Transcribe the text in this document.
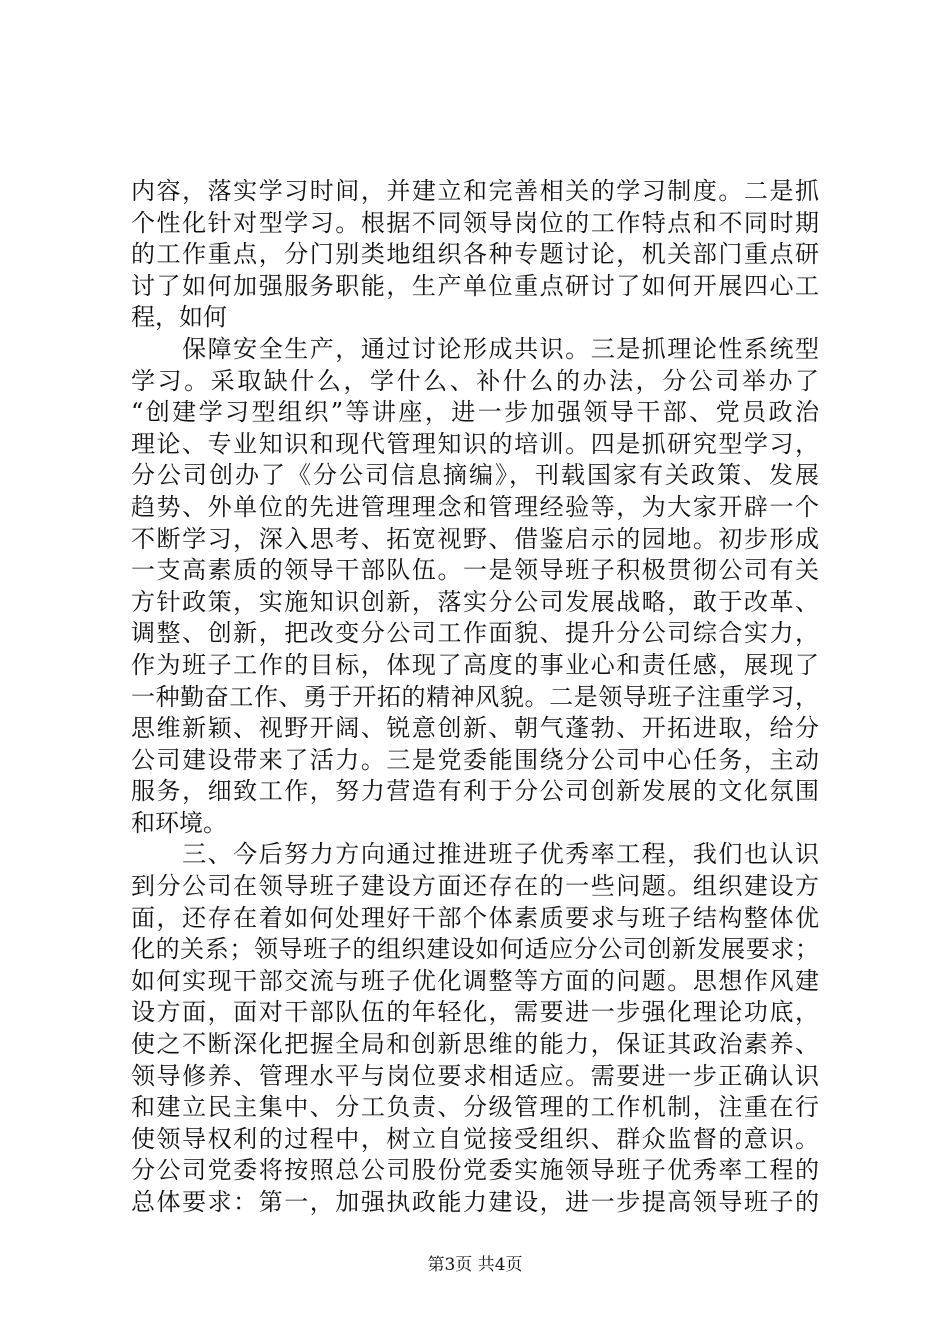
内容，落实学习时间，并建立和完善相关的学习制度。二是抓
个性化针对型学习。根据不同领导岗位的工作特点和不同时期
的工作重点，分门别类地组织各种专题讨论，机关部门重点研
讨了如何加强服务职能，生产单位重点研讨了如何开展四心工
程，如何
　　保障安全生产，通过讨论形成共识。三是抓理论性系统型
学习。采取缺什么，学什么、补什么的办法，分公司举办了
“创建学习型组织”等讲座，进一步加强领导干部、党员政治
理论、专业知识和现代管理知识的培训。四是抓研究型学习，
分公司创办了《分公司信息摘编》，刊载国家有关政策、发展
趋势、外单位的先进管理理念和管理经验等，为大家开辟一个
不断学习，深入思考、拓宽视野、借鉴启示的园地。初步形成
一支高素质的领导干部队伍。一是领导班子积极贯彻公司有关
方针政策，实施知识创新，落实分公司发展战略，敢于改革、
调整、创新，把改变分公司工作面貌、提升分公司综合实力，
作为班子工作的目标，体现了高度的事业心和责任感，展现了
一种勤奋工作、勇于开拓的精神风貌。二是领导班子注重学习，
思维新颖、视野开阔、锐意创新、朝气蓬勃、开拓进取，给分
公司建设带来了活力。三是党委能围绕分公司中心任务，主动
服务，细致工作，努力营造有利于分公司创新发展的文化氛围
和环境。
　　三、今后努力方向通过推进班子优秀率工程，我们也认识
到分公司在领导班子建设方面还存在的一些问题。组织建设方
面，还存在着如何处理好干部个体素质要求与班子结构整体优
化的关系；领导班子的组织建设如何适应分公司创新发展要求；
如何实现干部交流与班子优化调整等方面的问题。思想作风建
设方面，面对干部队伍的年轻化，需要进一步强化理论功底，
使之不断深化把握全局和创新思维的能力，保证其政治素养、
领导修养、管理水平与岗位要求相适应。需要进一步正确认识
和建立民主集中、分工负责、分级管理的工作机制，注重在行
使领导权利的过程中，树立自觉接受组织、群众监督的意识。
分公司党委将按照总公司股份党委实施领导班子优秀率工程的
总体要求：第一，加强执政能力建设，进一步提高领导班子的
第3页 共4页
